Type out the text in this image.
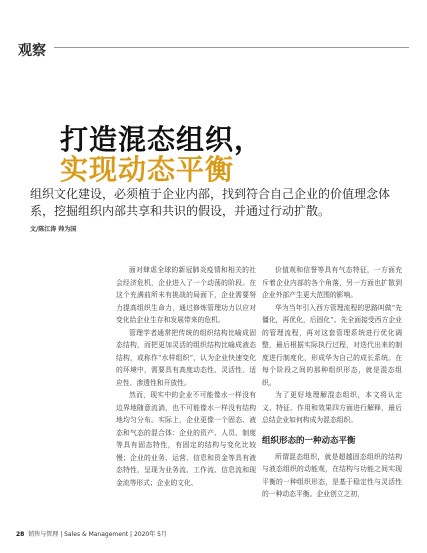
观察
打造混态组织，
实现动态平衡
组织文化建设，必须植于企业内部，找到符合自己企业的价值理念体系，挖掘组织内部共享和共识的假设，并通过行动扩散。
文/陈江涛 帅为国

面对肆虐全球的新冠肺炎疫情和相关的社会经济危机，企业进入了一个动荡的阶段。在这个充满前所未有挑战的局面下，企业需要努力提高组织生命力，通过修炼管理功力以应对变化给企业生存和发展带来的危机。

管理学者通常把传统的组织结构比喻成固态结构，而把更加灵活的组织结构比喻成液态结构，或称作“水样组织”，认为企业快速变化的环境中，需要具有高度动态性、灵活性、适应性、渗透性和开放性。

然而，现实中的企业不可能像水一样没有边界地随意流淌，也不可能像水一样没有结构地均匀分布。实际上，企业更像一个固态、液态和气态的混合体：企业的资产、人员、制度等具有固态特性，有固定的结构与变化比较慢；企业的业务、运营、信息和资金等具有液态特性，呈现为业务流、工作流、信息流和现金流等形式；企业的文化、

价值观和信誉等具有气态特征，一方面充斥着企业内部的各个角落，另一方面也扩散到企业外部产生更大范围的影响。

华为当年引入西方管理流程的思路叫做“先僵化，再优化，后固化”。先全面接受西方企业的管理流程，再对这套管理系统进行优化调整，最后根据实际执行过程，对迭代出来的制度进行制度化，形成华为自己的成长系统。在每个阶段之间的那种组织形态，就是混态组织。

为了更好地理解混态组织，本文将认定义、特征、作用和效果四方面进行解释，最后总结企业如何构成为混态组织。

组织形态的一种动态平衡

所谓混态组织，就是超越固态组织的结构与液态组织的动能观，在结构与功能之间实现平衡的一种组织形态，是基于稳定性与灵活性的一种动态平衡。企业创立之初，

28 销售与管理 | Sales & Management | 2020年 5月
